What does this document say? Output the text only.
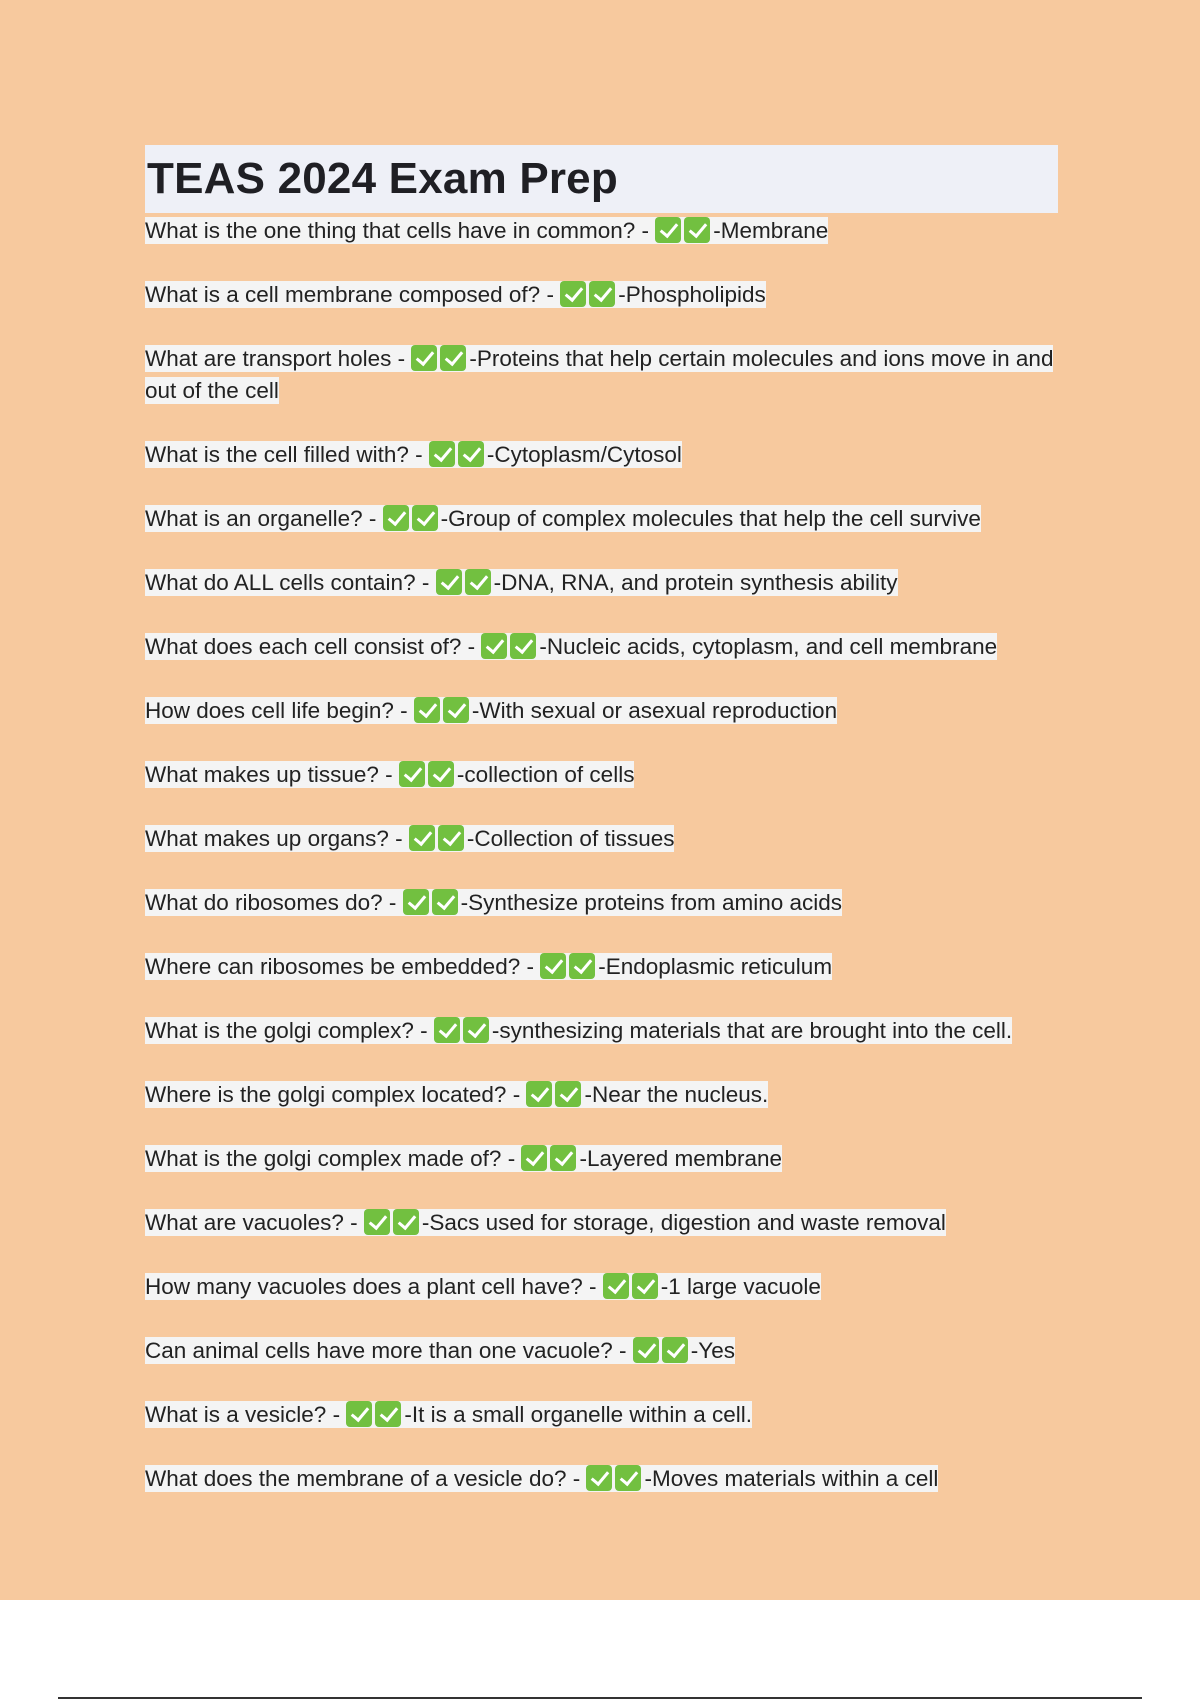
TEAS 2024 Exam Prep
What is the one thing that cells have in common? -	-Membrane
What is a cell membrane composed of? -	-Phospholipids
What are transport holes -	-Proteins that help certain molecules and ions move in and out of the cell
What is the cell filled with? -	-Cytoplasm/Cytosol
What is an organelle? -	-Group of complex molecules that help the cell survive
What do ALL cells contain? -	-DNA, RNA, and protein synthesis ability
What does each cell consist of? -	-Nucleic acids, cytoplasm, and cell membrane
How does cell life begin? -	-With sexual or asexual reproduction
What makes up tissue? -	-collection of cells
What makes up organs? -	-Collection of tissues
What do ribosomes do? -	-Synthesize proteins from amino acids
Where can ribosomes be embedded? -	-Endoplasmic reticulum
What is the golgi complex? -	-synthesizing materials that are brought into the cell.
Where is the golgi complex located? -	-Near the nucleus.
What is the golgi complex made of? -	-Layered membrane
What are vacuoles? -	-Sacs used for storage, digestion and waste removal
How many vacuoles does a plant cell have? -	-1 large vacuole
Can animal cells have more than one vacuole? -	-Yes
What is a vesicle? -	-It is a small organelle within a cell.
What does the membrane of a vesicle do? -	-Moves materials within a cell
